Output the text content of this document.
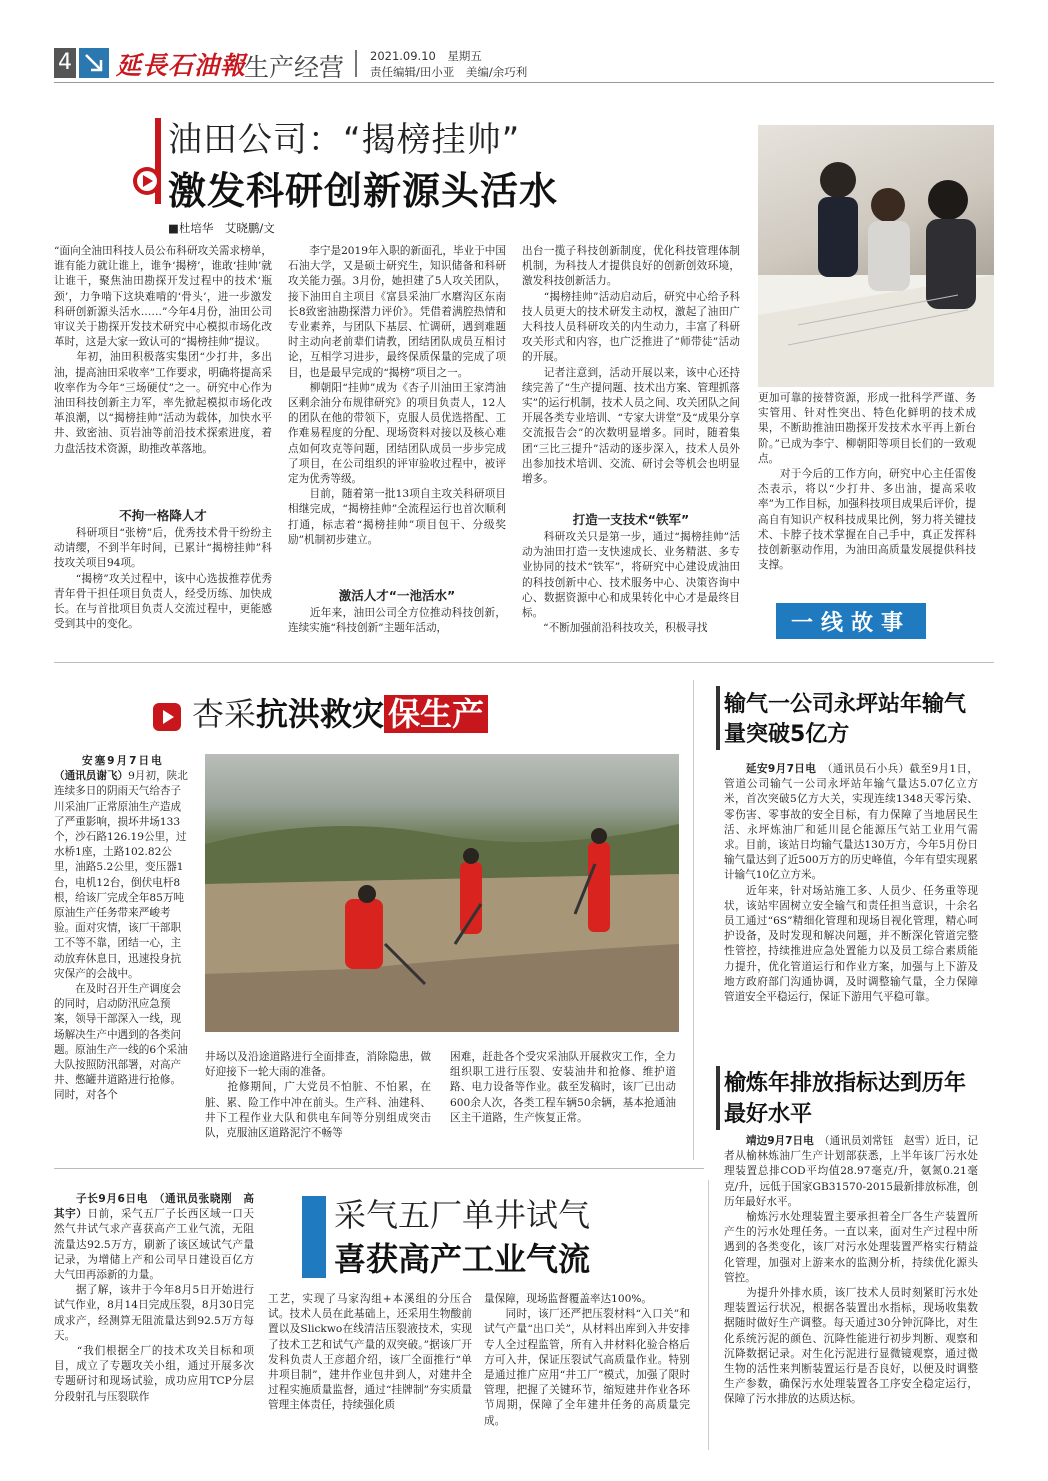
4 延長石油報
生产经营 2021.09.10　 星期五
责任编辑/田小亚　美编/余巧利
油田公司：“揭榜挂帅”
激发科研创新源头活水
■杜培华　艾晓鹏/文

“面向全油田科技人员公布科研攻关需求榜单，谁有能力就让谁上，谁争‘揭榜’，谁敢‘挂帅’就让谁干，聚焦油田勘探开发过程中的技术‘瓶颈’，力争啃下这块难啃的‘骨头’，进一步激发科研创新源头活水……”今年4月份，油田公司审议关于勘探开发技术研究中心模拟市场化改革时，这是大家一致认可的“揭榜挂帅”提议。
　　年初，油田积极落实集团“少打井，多出油，提高油田采收率”工作要求，明确将提高采收率作为今年“三场硬仗”之一。研究中心作为油田科技创新主力军，率先掀起模拟市场化改革浪潮，以“揭榜挂帅”活动为载体，加快水平井、致密油、页岩油等前沿技术探索进度，着力盘活技术资源，助推改革落地。

不拘一格降人才

　　科研项目“张榜”后，优秀技术骨干纷纷主动请缨，不到半年时间，已累计“揭榜挂帅”科技攻关项目94项。
　　“揭榜”攻关过程中，该中心选拔推荐优秀青年骨干担任项目负责人，经受历练、加快成长。在与首批项目负责人交流过程中，更能感受到其中的变化。

　　李宁是2019年入职的新面孔，毕业于中国石油大学，又是硕士研究生，知识储备和科研攻关能力强。3月份，她担建了5人攻关团队，接下油田自主项目《富县采油厂水磨沟区东南长8致密油勘探潜力评价》。凭借着满腔热情和专业素养，与团队下基层、忙调研，遇到难题时主动向老前辈们请教，团结团队成员互相讨论，互相学习进步，最终保质保量的完成了项目，也是最早完成的“揭榜”项目之一。
　　柳朝阳“挂帅”成为《杏子川油田王家湾油区剩余油分布规律研究》的项目负责人，12人的团队在他的带领下，克服人员优选搭配、工作难易程度的分配、现场资料对接以及核心难点如何攻克等问题，团结团队成员一步步完成了项目，在公司组织的评审验收过程中，被评定为优秀等级。
　　目前，随着第一批13项自主攻关科研项目相继完成，“揭榜挂帅”全流程运行也首次顺利打通，标志着“揭榜挂帅”项目包干、分级奖励”机制初步建立。

激活人才“一池活水”

　　近年来，油田公司全方位推动科技创新，连续实施“科技创新”主题年活动，

出台一揽子科技创新制度，优化科技管理体制机制，为科技人才提供良好的创新创效环境，激发科技创新活力。
　　“揭榜挂帅”活动启动后，研究中心给予科技人员更大的技术研发主动权，激起了油田广大科技人员科研攻关的内生动力，丰富了科研攻关形式和内容，也广泛推进了“师带徒”活动的开展。
　　记者注意到，活动开展以来，该中心还持续完善了“生产提问题、技术出方案、管理抓落实”的运行机制，技术人员之间、攻关团队之间开展各类专业培训、“专家大讲堂”及“成果分享交流报告会”的次数明显增多。同时，随着集团“三比三提升”活动的逐步深入，技术人员外出参加技术培训、交流、研讨会等机会也明显增多。

打造一支技术“铁军”

　　科研攻关只是第一步，通过“揭榜挂帅”活动为油田打造一支快速成长、业务精湛、多专业协同的技术“铁军”，将研究中心建设成油田的科技创新中心、技术服务中心、决策咨询中心、数据资源中心和成果转化中心才是最终目标。
　　“不断加强前沿科技攻关，积极寻找

更加可靠的接替资源，形成一批科学严谨、务实管用、针对性突出、特色化鲜明的技术成果，不断助推油田勘探开发技术水平再上新台阶。”已成为李宁、柳朝阳等项目长们的一致观点。
　　对于今后的工作方向，研究中心主任雷俊杰表示，将以“少打井、多出油，提高采收率”为工作目标，加强科技项目成果后评价，提高自有知识产权科技成果比例，努力将关键技术、卡脖子技术掌握在自己手中，真正发挥科技创新驱动作用，为油田高质量发展提供科技支撑。

一线故事
杏采抗洪救灾 保生产
安塞9月7日电
（通讯员谢飞）9月初，陕北连续多日的阴雨天气给杏子川采油厂正常原油生产造成了严重影响，损坏井场133个，沙石路126.19公里，过水桥1座，土路102.82公里，油路5.2公里，变压器1台，电机12台，倒伏电杆8根，给该厂完成全年85万吨原油生产任务带来严峻考验。面对灾情，该厂干部职工不等不靠，团结一心，主动放弃休息日，迅速投身抗灾保产的会战中。
　　在及时召开生产调度会的同时，启动防汛应急预案，领导干部深入一线，现场解决生产中遇到的各类问题。原油生产一线的6个采油大队按照防汛部署，对高产井、憋罐井道路进行抢修。同时，对各个

井场以及沿途道路进行全面排查，消除隐患，做好迎接下一轮大雨的准备。
　　抢修期间，广大党员不怕脏、不怕累，在脏、累、险工作中冲在前头。生产科、油建科、井下工程作业大队和供电车间等分别组成突击队，克服油区道路泥泞不畅等

困难，赶赴各个受灾采油队开展救灾工作，全力组织职工进行压裂、安装油井和抢修、维护道路、电力设备等作业。截至发稿时，该厂已出动600余人次，各类工程车辆50余辆，基本抢通油区主干道路，生产恢复正常。

输气一公司永坪站年输气量突破5亿方
延安9月7日电　 （通讯员石小兵）截至9月1日，管道公司输气一公司永坪站年输气量达5.07亿立方米，首次突破5亿方大关，实现连续1348天零污染、零伤害、零事故的安全目标，有力保障了当地居民生活、永坪炼油厂和延川昆仑能源压气站工业用气需求。目前，该站日均输气量达130万方，今年5月份日输气量达到了近500万方的历史峰值，今年有望实现累计输气10亿立方米。
　　近年来，针对场站施工多、人员少、任务重等现状，该站牢固树立安全输气和责任担当意识，十余名员工通过“6S”精细化管理和现场目视化管理，精心呵护设备，及时发现和解决问题，并不断深化管道完整性管控，持续推进应急处置能力以及员工综合素质能力提升，优化管道运行和作业方案，加强与上下游及地方政府部门沟通协调，及时调整输气量，全力保障管道安全平稳运行，保证下游用气平稳可靠。
榆炼年排放指标达到历年最好水平
靖边9月7日电　 （通讯员刘常钰　赵雪）近日，记者从榆林炼油厂生产计划部获悉，上半年该厂污水处理装置总排COD平均值28.97毫克/升，氨氮0.21毫克/升，远低于国家GB31570-2015最新排放标准，创历年最好水平。
　　榆炼污水处理装置主要承担着全厂各生产装置所产生的污水处理任务。一直以来，面对生产过程中所遇到的各类变化，该厂对污水处理装置严格实行精益化管理，加强对上游来水的监测分析，持续优化源头管控。
　　为提升外排水质，该厂技术人员时刻紧盯污水处理装置运行状况，根据各装置出水指标，现场收集数据随时做好生产调整。每天通过30分钟沉降比，对生化系统污泥的颜色、沉降性能进行初步判断、观察和沉降数据记录。对生化污泥进行显微镜观察，通过微生物的活性来判断装置运行是否良好，以便及时调整生产参数，确保污水处理装置各工序安全稳定运行，保障了污水排放的达质达标。
采气五厂单井试气
喜获高产工业气流
子长9月6日电　 （通讯员张晓刚　高其宇）日前，采气五厂子长西区域一口天然气井试气求产喜获高产工业气流，无阻流量达92.5万方，刷新了该区域试气产量记录，为增储上产和公司早日建设百亿方大气田再添新的力量。
　　据了解，该井于今年8月5日开始进行试气作业，8月14日完成压裂，8月30日完成求产，经测算无阻流量达到92.5万方每天。
　　“我们根据全厂的技术攻关目标和项目，成立了专题攻关小组，通过开展多次专题研讨和现场试验，成功应用TCP分层分段射孔与压裂联作

工艺，实现了马家沟组+本溪组的分压合试。技术人员在此基础上，还采用生物酸前置以及Slickwo在线清洁压裂液技术，实现了技术工艺和试气产量的双突破。”据该厂开发科负责人王彦超介绍，该厂全面推行“单井项目制”，建井作业包井到人，对建井全过程实施质量监督，通过“挂牌制”夯实质量管理主体责任，持续强化质

量保障，现场监督覆盖率达100%。
　　同时，该厂还严把压裂材料“入口关”和试气产量“出口关”，从材料出库到入井安排专人全过程监管，所有入井材料化验合格后方可入井，保证压裂试气高质量作业。特别是通过推广应用“井工厂”模式，加强了限时管理，把握了关键环节，缩短建井作业各环节周期，保障了全年建井任务的高质量完成。
